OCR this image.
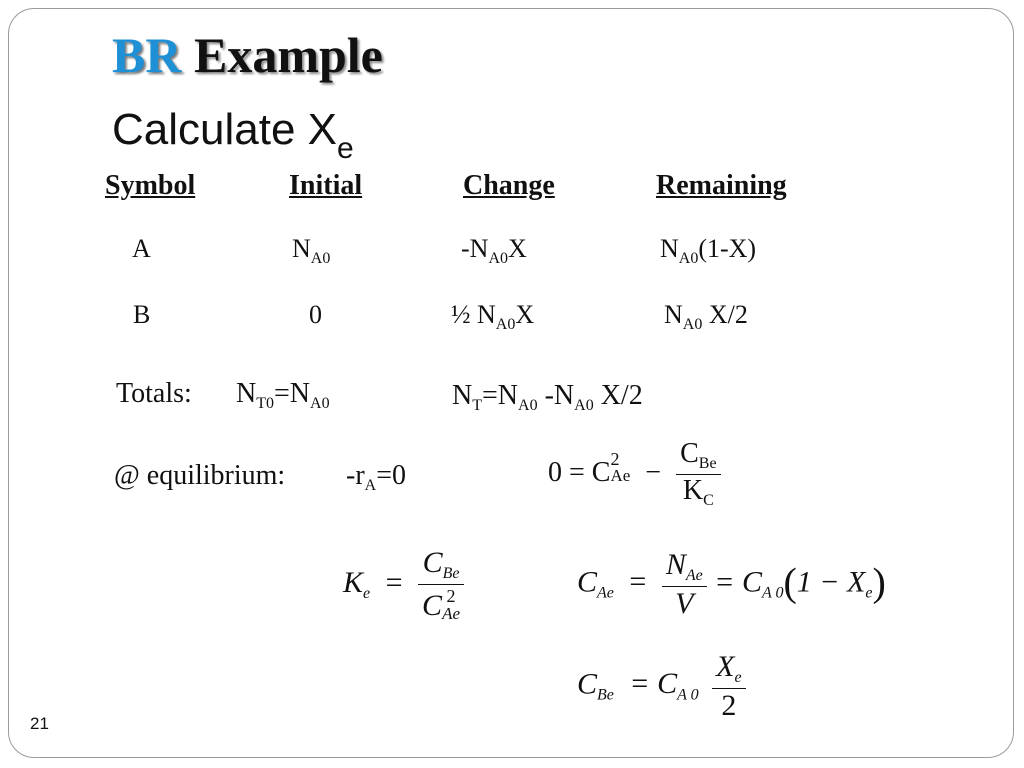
BR Example
Calculate $X_e$
Symbol	Initial	Change	Remaining
A	$N_{A0}$	$-N_{A0}X$	$N_{A0}(1-X)$
B	0	½ $N_{A0}X$	$N_{A0}$ X/2
Totals: $N_{T0}=N_{A0}$	$N_T=N_{A0}$ $-N_{A0}$ X/2
@ equilibrium: $-r_A=0$	0 = C 2
$Ae - \frac{C_{Be}}{K_C}$
$K_e = C_{Be}$
C 2
Ae	$C_{Ae} = \frac{N_{Ae}}{V} = C_{A 0}(1 - X_e)$
$C_{Be} = C_{A 0} \frac{X_e}{2}$
21
